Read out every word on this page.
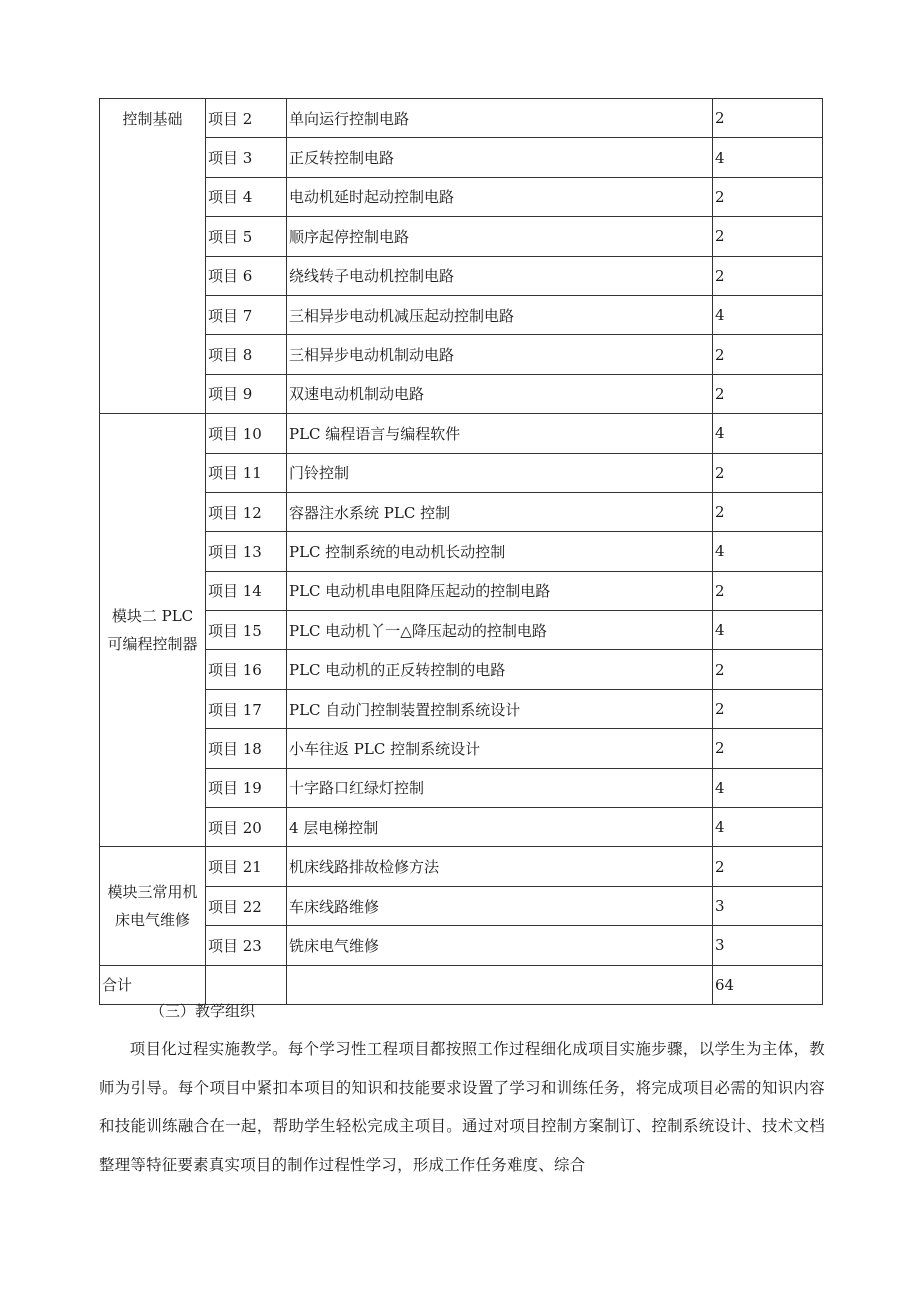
控制基础	项目 2	单向运行控制电路	2
	项目 3	正反转控制电路	4
	项目 4	电动机延时起动控制电路	2
	项目 5	顺序起停控制电路	2
	项目 6	绕线转子电动机控制电路	2
	项目 7	三相异步电动机减压起动控制电路	4
	项目 8	三相异步电动机制动电路	2
	项目 9	双速电动机制动电路	2
模块二 PLC 可编程控制器	项目 10	PLC 编程语言与编程软件	4
	项目 11	门铃控制	2
	项目 12	容器注水系统 PLC 控制	2
	项目 13	PLC 控制系统的电动机长动控制	4
	项目 14	PLC 电动机串电阻降压起动的控制电路	2
	项目 15	PLC 电动机丫一△降压起动的控制电路	4
	项目 16	PLC 电动机的正反转控制的电路	2
	项目 17	PLC 自动门控制装置控制系统设计	2
	项目 18	小车往返 PLC 控制系统设计	2
	项目 19	十字路口红绿灯控制	4
	项目 20	4 层电梯控制	4
模块三常用机床电气维修	项目 21	机床线路排故检修方法	2
	项目 22	车床线路维修	3
	项目 23	铣床电气维修	3
合计			64
（三）教学组织

项目化过程实施教学。每个学习性工程项目都按照工作过程细化成项目实施步骤，以学生为主体，教师为引导。每个项目中紧扣本项目的知识和技能要求设置了学习和训练任务，将完成项目必需的知识内容和技能训练融合在一起，帮助学生轻松完成主项目。通过对项目控制方案制订、控制系统设计、技术文档整理等特征要素真实项目的制作过程性学习，形成工作任务难度、综合
